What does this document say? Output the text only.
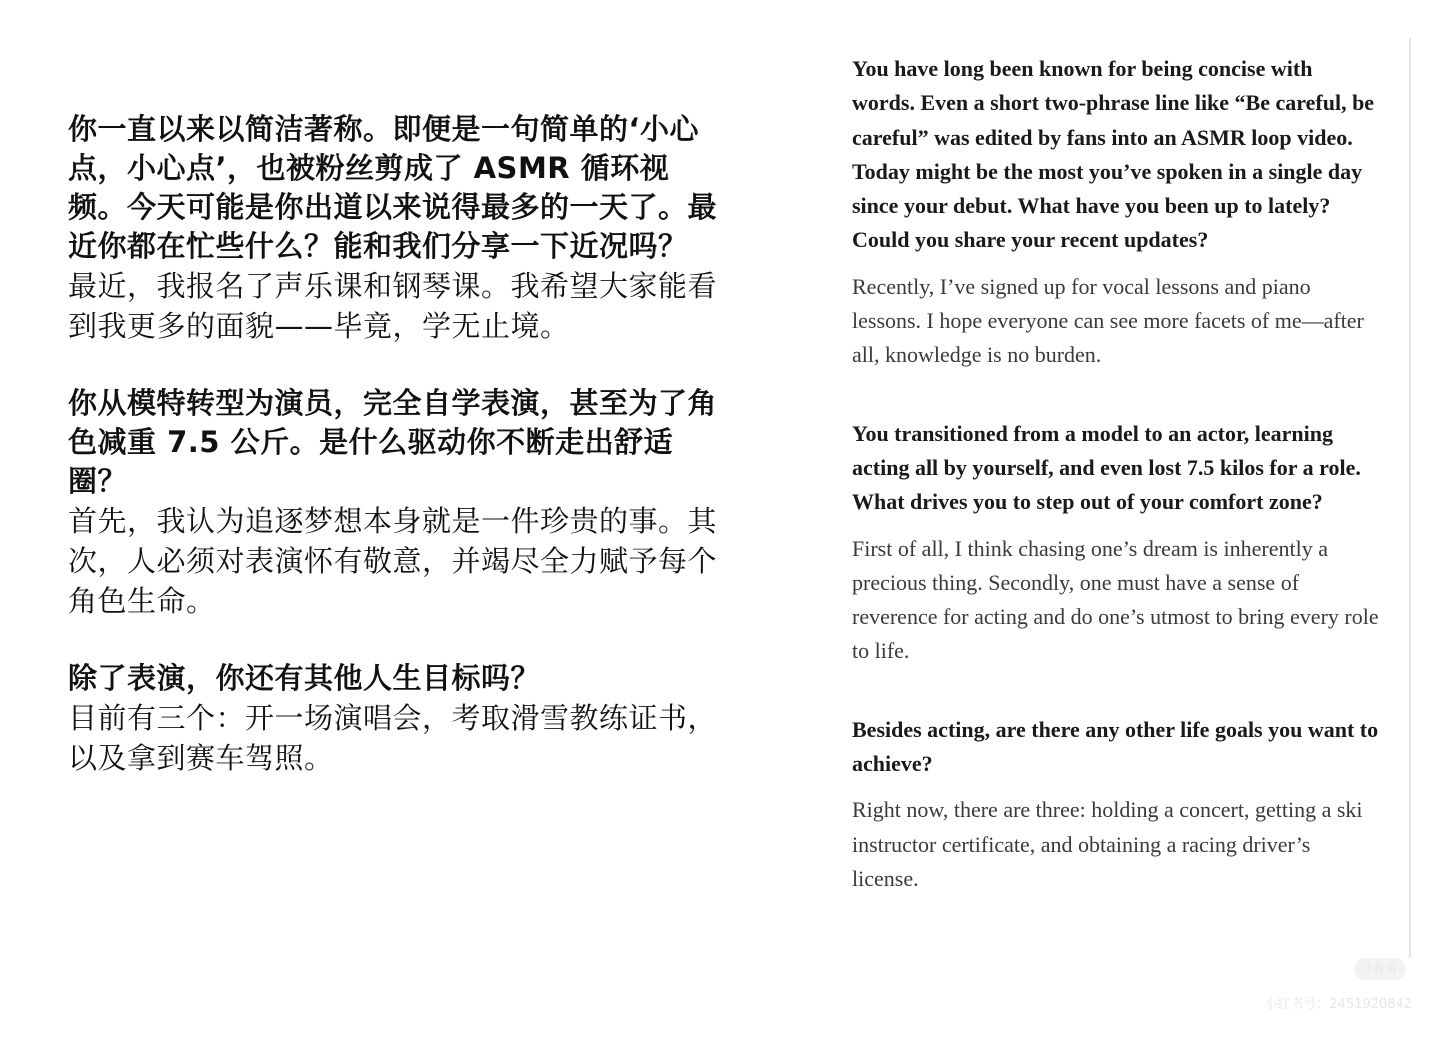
你一直以来以简洁著称。即便是一句简单的‘小心点，小心点’，也被粉丝剪成了 ASMR 循环视频。今天可能是你出道以来说得最多的一天了。最近你都在忙些什么？能和我们分享一下近况吗？

最近，我报名了声乐课和钢琴课。我希望大家能看到我更多的面貌——毕竟，学无止境。

你从模特转型为演员，完全自学表演，甚至为了角色减重 7.5 公斤。是什么驱动你不断走出舒适圈？

首先，我认为追逐梦想本身就是一件珍贵的事。其次，人必须对表演怀有敬意，并竭尽全力赋予每个角色生命。

除了表演，你还有其他人生目标吗？

目前有三个：开一场演唱会，考取滑雪教练证书，以及拿到赛车驾照。

You have long been known for being concise with words. Even a short two-phrase line like “Be careful, be careful” was edited by fans into an ASMR loop video. Today might be the most you’ve spoken in a single day since your debut. What have you been up to lately? Could you share your recent updates?

Recently, I’ve signed up for vocal lessons and piano lessons. I hope everyone can see more facets of me—after all, knowledge is no burden.

You transitioned from a model to an actor, learning acting all by yourself, and even lost 7.5 kilos for a role. What drives you to step out of your comfort zone?

First of all, I think chasing one’s dream is inherently a precious thing. Secondly, one must have a sense of reverence for acting and do one’s utmost to bring every role to life.

Besides acting, are there any other life goals you want to achieve?

Right now, there are three: holding a concert, getting a ski instructor certificate, and obtaining a racing driver’s license.

小红书
小红书号：2451920842
